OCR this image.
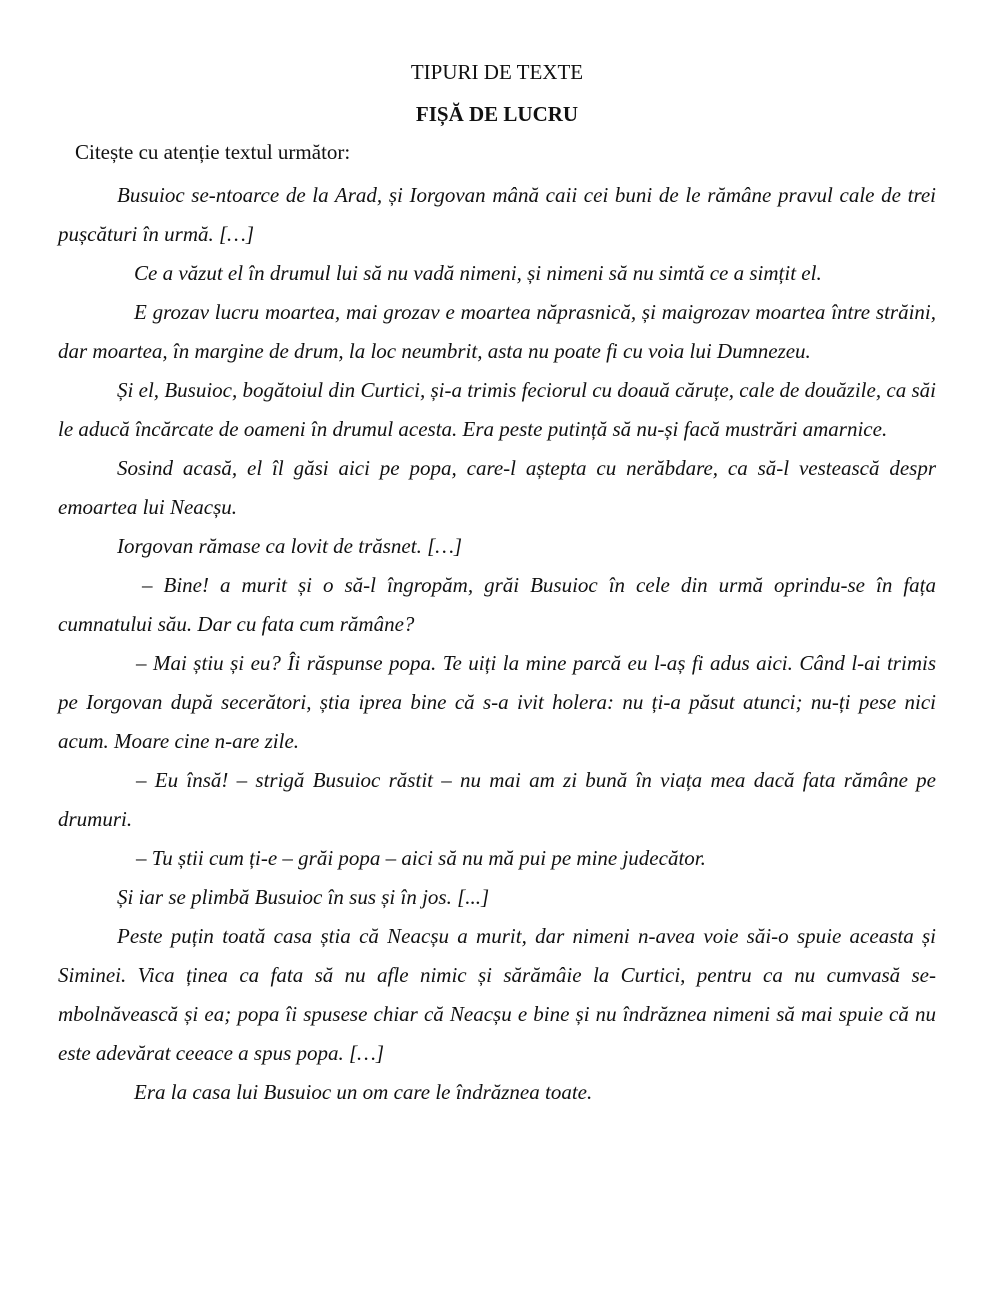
TIPURI DE TEXTE
FIȘĂ DE LUCRU
Citește cu atenție textul următor:

Busuioc se-ntoarce de la Arad, și Iorgovan mână caii cei buni de le rămâne pravul cale de trei pușcături în urmă. […]

Ce a văzut el în drumul lui să nu vadă nimeni, și nimeni să nu simtă ce a simțit el.

E grozav lucru moartea, mai grozav e moartea năprasnică, și maigrozav moartea între străini, dar moartea, în margine de drum, la loc neumbrit, asta nu poate fi cu voia lui Dumnezeu.

Și el, Busuioc, bogătoiul din Curtici, și-a trimis feciorul cu doauă căruțe, cale de douăzile, ca săi le aducă încărcate de oameni în drumul acesta. Era peste putință să nu-și facă mustrări amarnice.

Sosind acasă, el îl găsi aici pe popa, care-l aștepta cu nerăbdare, ca să-l vestească despr emoartea lui Neacșu.

Iorgovan rămase ca lovit de trăsnet. […]

– Bine! a murit și o să-l îngropăm, grăi Busuioc în cele din urmă oprindu-se în fața cumnatului său. Dar cu fata cum rămâne?

– Mai știu și eu? Îi răspunse popa. Te uiți la mine parcă eu l-aș fi adus aici. Când l-ai trimis pe Iorgovan după secerători, știa iprea bine că s-a ivit holera: nu ți-a păsut atunci; nu-ți pese nici acum. Moare cine n-are zile.

– Eu însă! – strigă Busuioc răstit – nu mai am zi bună în viața mea dacă fata rămâne pe drumuri.

– Tu știi cum ți-e – grăi popa – aici să nu mă pui pe mine judecător.

Și iar se plimbă Busuioc în sus și în jos. [...]

Peste puțin toată casa știa că Neacșu a murit, dar nimeni n-avea voie săi-o spuie aceasta și Siminei. Vica ținea ca fata să nu afle nimic și sărămâie la Curtici, pentru ca nu cumvasă se-mbolnăvească și ea; popa îi spusese chiar că Neacșu e bine și nu îndrăznea nimeni să mai spuie că nu este adevărat ceeace a spus popa. […]

Era la casa lui Busuioc un om care le îndrăznea toate.
